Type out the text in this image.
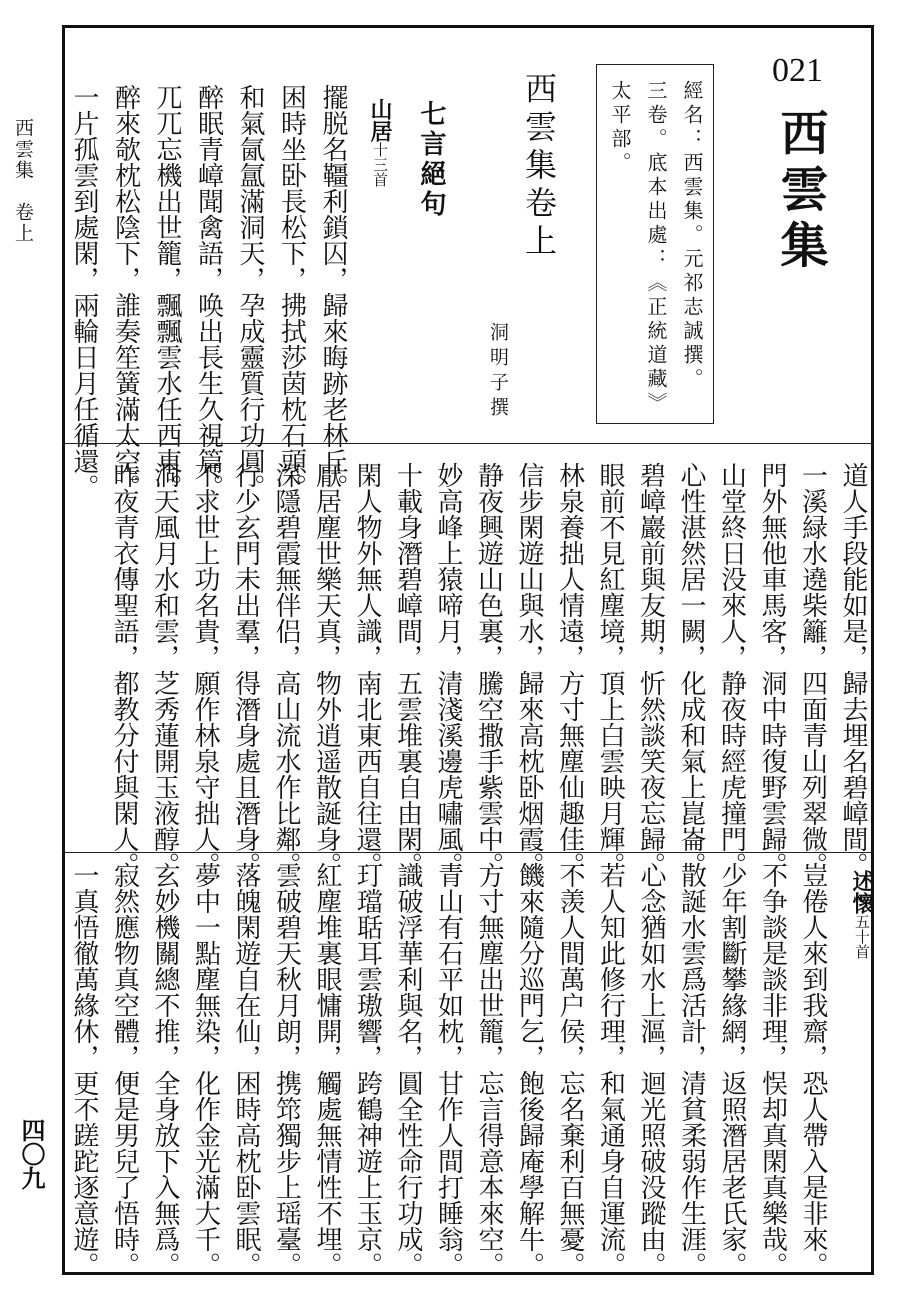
西雲集　卷上
四〇九
021
西雲集
經名：西雲集。元祁志誠撰。
三卷。底本出處：《正統道藏》
太平部。
西雲集卷上
洞明子撰
七言絕句
山居十三首
擺脱名韁利鎖囚，歸來晦跡老林丘。
困時坐卧長松下，拂拭莎茵枕石頭。
和氣氤氲滿洞天，孕成靈質行功圓。
醉眠青嶂聞禽語，唤出長生久視篇。
兀兀忘機出世籠，飄飄雲水任西東。
醉來欹枕松陰下，誰奏笙簧滿太空。
一片孤雲到處閑，兩輪日月任循還。
道人手段能如是，歸去埋名碧嶂間。
一溪緑水遶柴籬，四面青山列翠微。
門外無他車馬客，洞中時復野雲歸。
山堂終日没來人，静夜時經虎撞門。
心性湛然居一闕，化成和氣上崑崙。
碧嶂巖前與友期，忻然談笑夜忘歸。
眼前不見紅塵境，頂上白雲映月輝。
林泉養拙人情遠，方寸無塵仙趣佳。
信步閑遊山與水，歸來高枕卧烟霞。
静夜興遊山色裏，騰空撒手紫雲中。
妙高峰上猿啼月，清淺溪邊虎嘯風。
十載身潛碧嶂間，五雲堆裏自由閑。
閑人物外無人識，南北東西自往還。
厭居塵世樂天真，物外逍遥散誕身。
深隱碧霞無伴侣，高山流水作比鄰。
行少玄門未出羣，得潛身處且潛身。
不求世上功名貴，願作林泉守拙人。
洞天風月水和雲，芝秀蓮開玉液醇。
昨夜青衣傳聖語，都教分付與閑人。
述懷五十首
豈倦人來到我齋，恐人帶入是非來。
不争談是談非理，悮却真閑真樂哉。
少年割斷攀緣網，返照潛居老氏家。
散誕水雲爲活計，清貧柔弱作生涯。
心念猶如水上漚，迴光照破没蹤由。
若人知此修行理，和氣通身自運流。
不羡人間萬户侯，忘名棄利百無憂。
饑來隨分巡門乞，飽後歸庵學解牛。
方寸無塵出世籠，忘言得意本來空。
青山有石平如枕，甘作人間打睡翁。
識破浮華利與名，圓全性命行功成。
玎璫聒耳雲璈響，跨鶴神遊上玉京。
紅塵堆裏眼慵開，觸處無情性不埋。
雲破碧天秋月朗，携筇獨步上瑶臺。
落魄閑遊自在仙，困時高枕卧雲眠。
夢中一點塵無染，化作金光滿大千。
玄妙機關總不推，全身放下入無爲。
寂然應物真空體，便是男兒了悟時。
一真悟徹萬緣休，更不蹉跎逐意遊。
